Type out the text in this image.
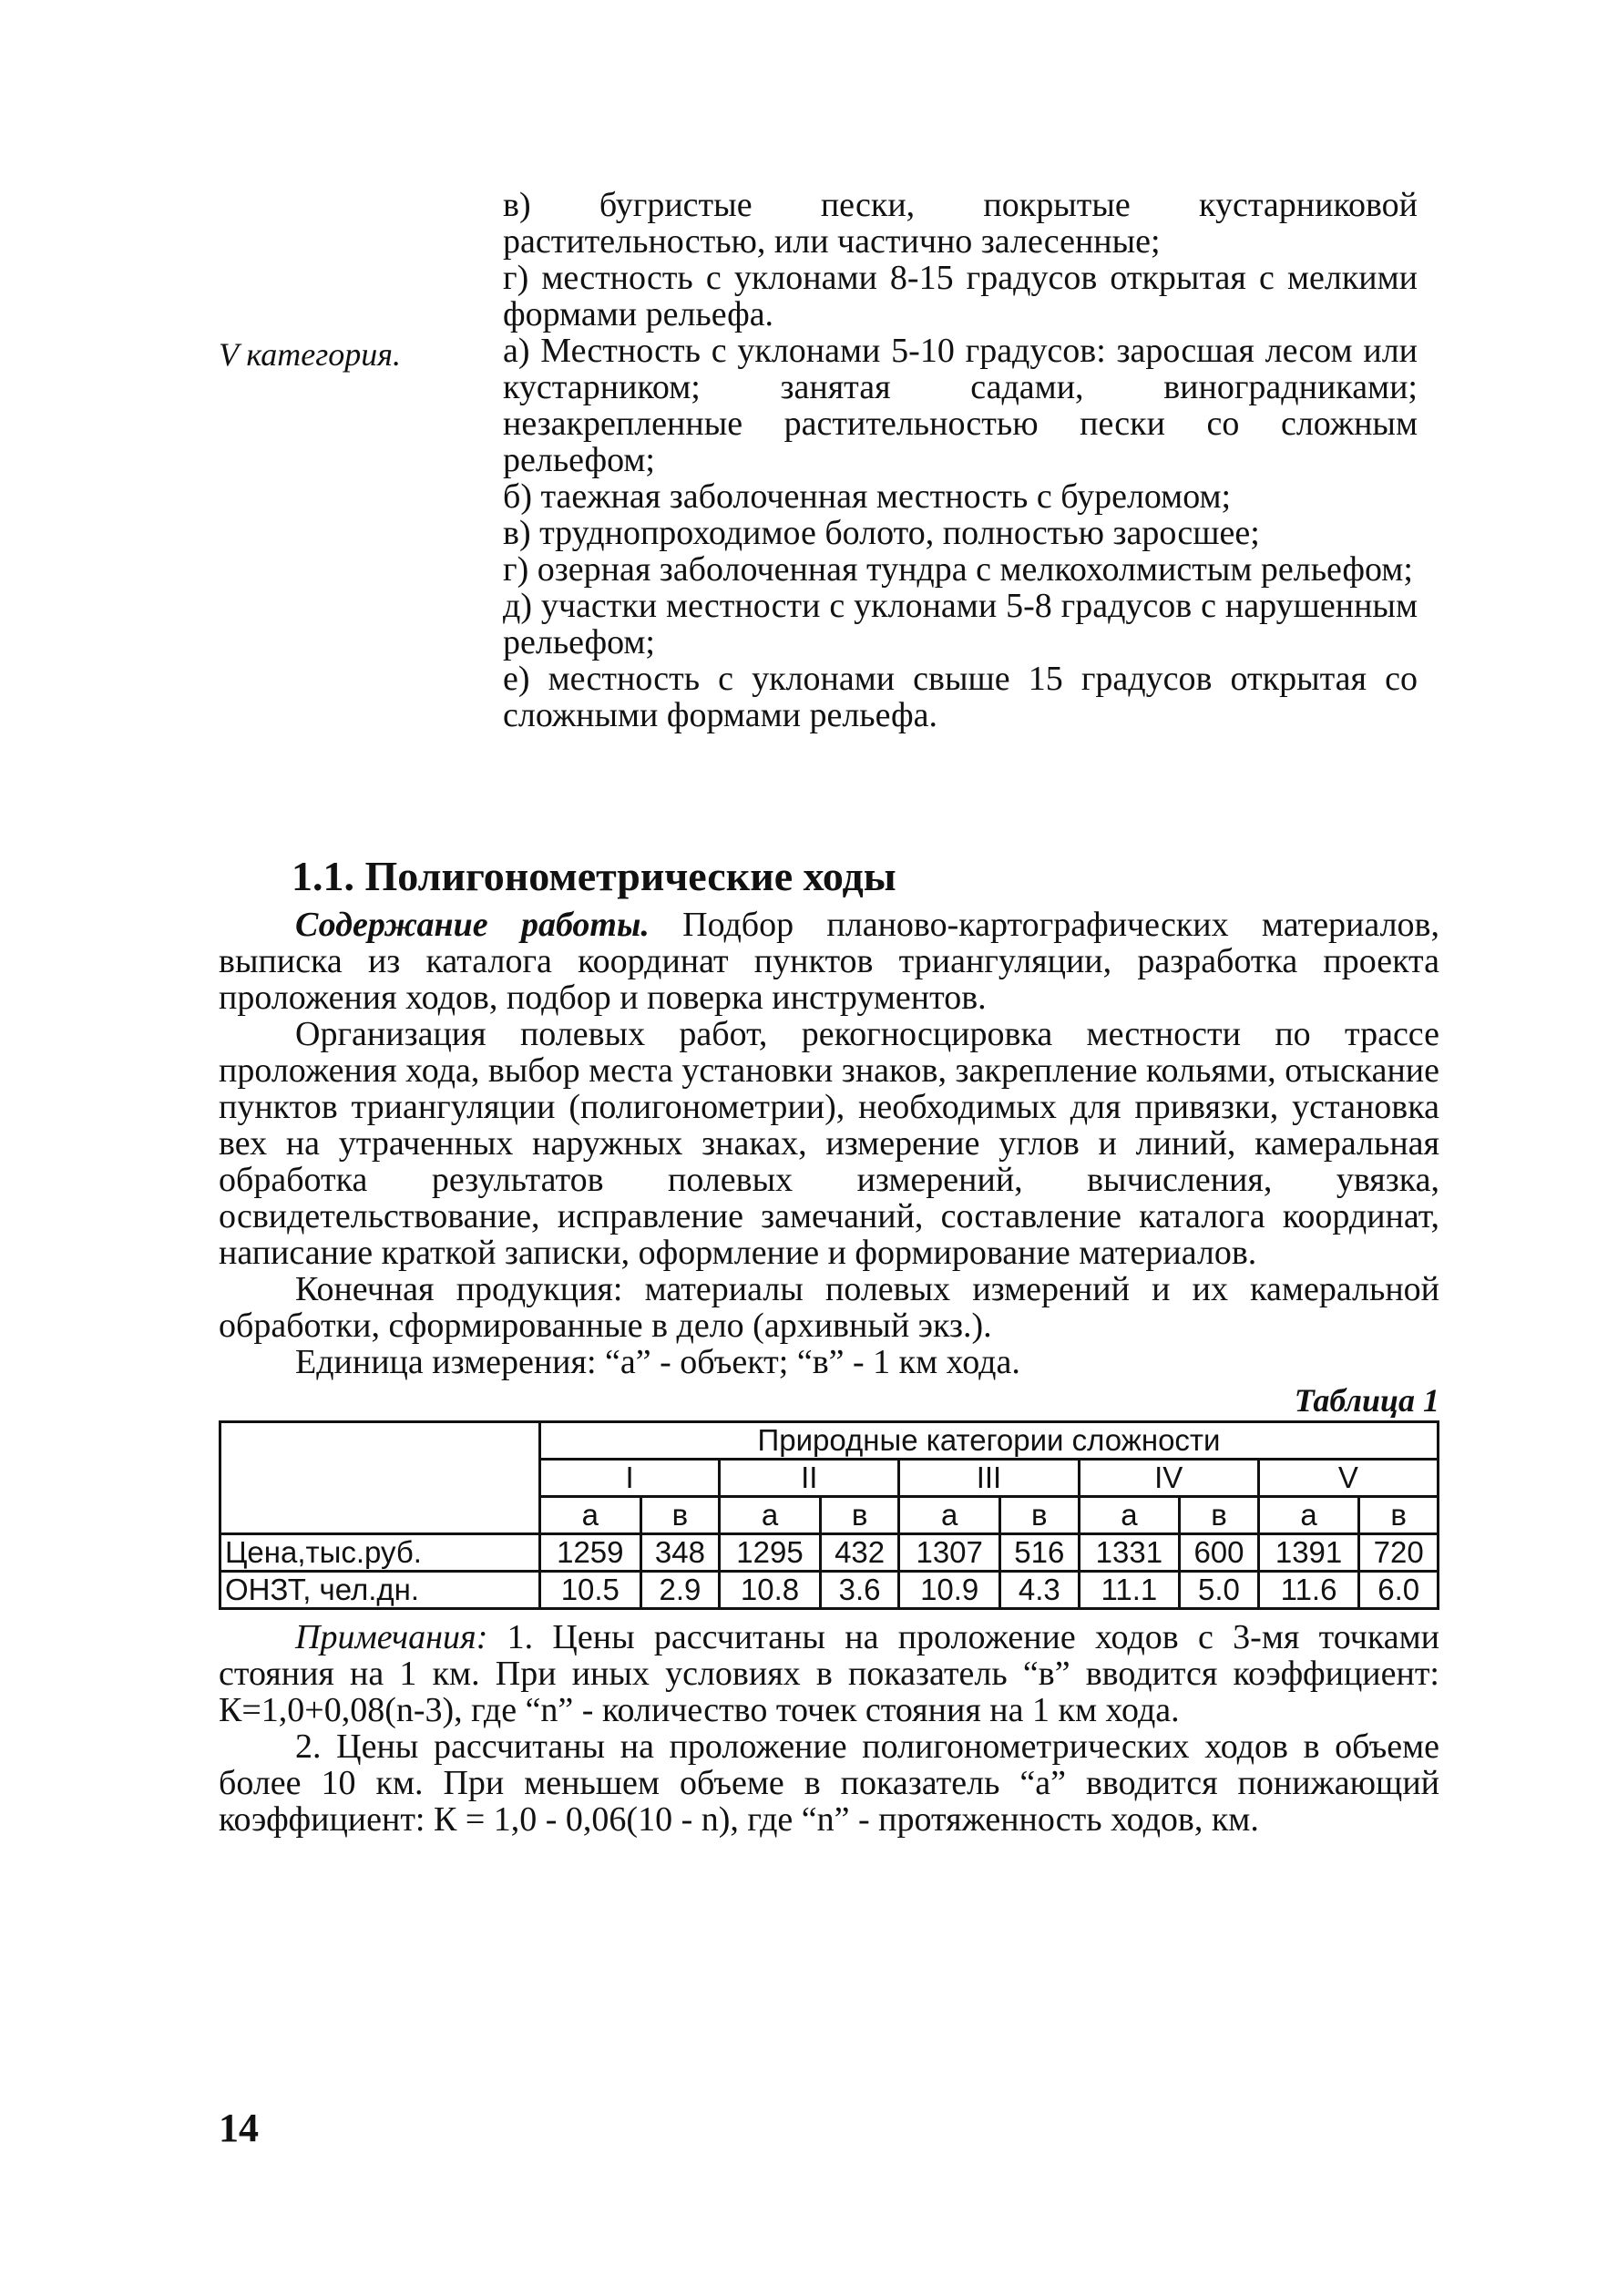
в) бугристые пески, покрытые кустарниковой растительностью, или частично залесенные;

г) местность с уклонами 8-15 градусов открытая с мелкими формами рельефа.

V категория.	а) Местность с уклонами 5-10 градусов: заросшая лесом или кустарником; занятая садами, виноградниками; незакрепленные растительностью пески со сложным рельефом;

б) таежная заболоченная местность с буреломом;

в) труднопроходимое болото, полностью заросшее;

г) озерная заболоченная тундра с мелкохолмистым рельефом;

д) участки местности с уклонами 5-8 градусов с нарушенным рельефом;

е) местность с уклонами свыше 15 градусов открытая со сложными формами рельефа.

1.1. Полигонометрические ходы

Содержание работы. Подбор планово-картографических материалов, выписка из каталога координат пунктов триангуляции, разработка проекта проложения ходов, подбор и поверка инструментов.

Организация полевых работ, рекогносцировка местности по трассе проложения хода, выбор места установки знаков, закрепление кольями, отыскание пунктов триангуляции (полигонометрии), необходимых для привязки, установка вех на утраченных наружных знаках, измерение углов и линий, камеральная обработка результатов полевых измерений, вычисления, увязка, освидетельствование, исправление замечаний, составление каталога координат, написание краткой записки, оформление и формирование материалов.

Конечная продукция: материалы полевых измерений и их камеральной обработки, сформированные в дело (архивный экз.).

Единица измерения: “а” - объект; “в” - 1 км хода.

Таблица 1
	Природные категории сложности									
	I		II		III		IV		V	
	а	в	а	в	а	в	а	в	а	в
Цена,тыс.руб.	1259	348	1295	432	1307	516	1331	600	1391	720
ОНЗТ, чел.дн.	10.5	2.9	10.8	3.6	10.9	4.3	11.1	5.0	11.6	6.0

Примечания: 1. Цены рассчитаны на проложение ходов с 3-мя точками стояния на 1 км. При иных условиях в показатель “в” вводится коэффициент: К=1,0+0,08(n-3), где “n” - количество точек стояния на 1 км хода.

2. Цены рассчитаны на проложение полигонометрических ходов в объеме более 10 км. При меньшем объеме в показатель “а” вводится понижающий коэффициент: К = 1,0 - 0,06(10 - n), где “n” - протяженность ходов, км.

14
